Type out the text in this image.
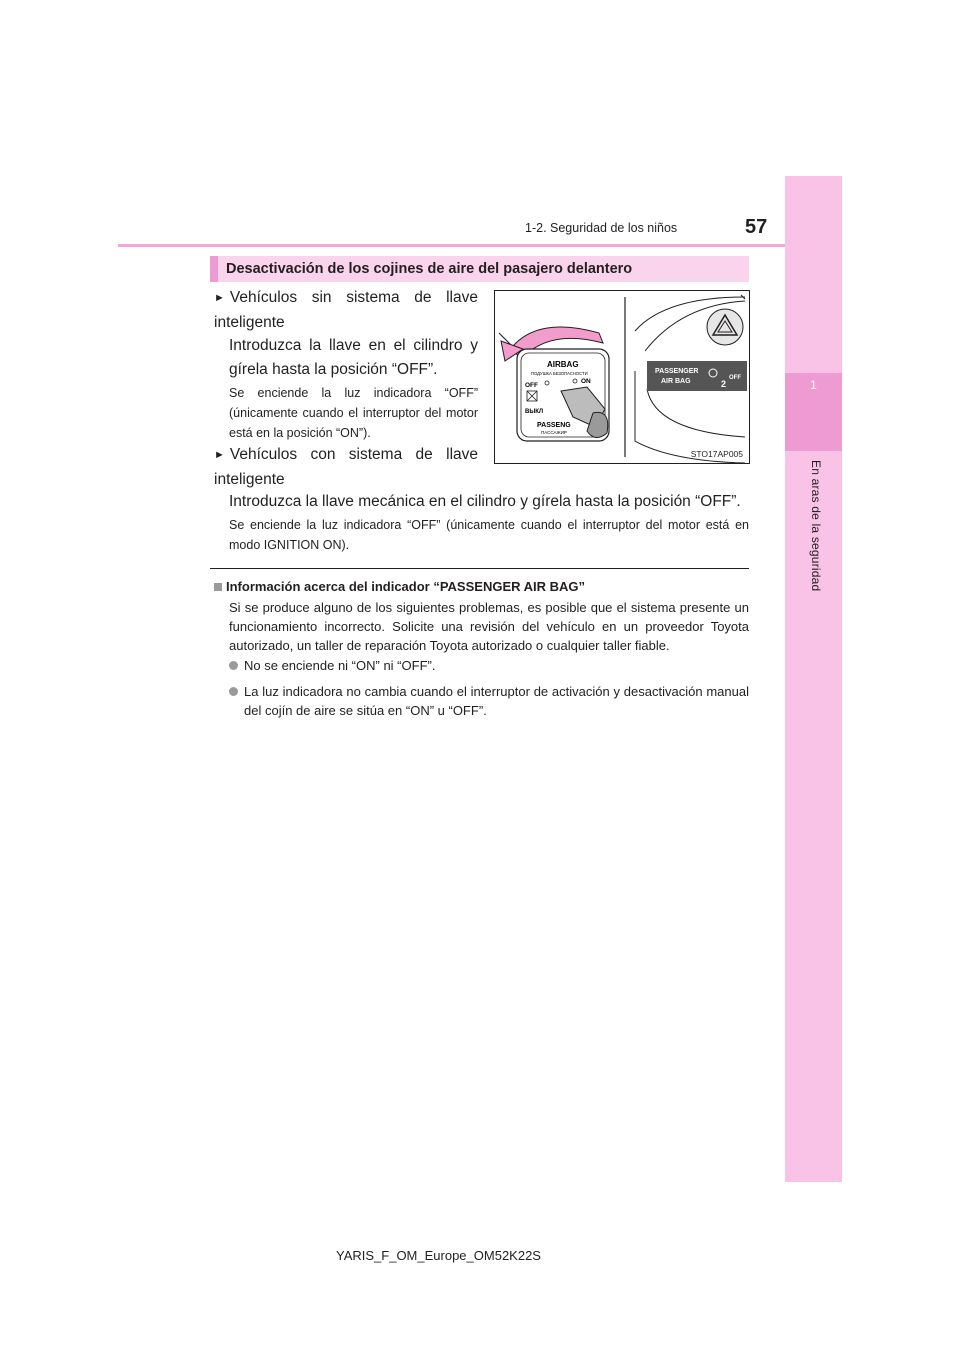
1
En aras de la seguridad
1-2. Seguridad de los niños	57
Desactivación de los cojines de aire del pasajero delantero
► Vehículos sin sistema de llave inteligente
Introduzca la llave en el cilindro y gírela hasta la posición “OFF”.
Se enciende la luz indicadora “OFF” (únicamente cuando el interruptor del motor está en la posición “ON”).
► Vehículos con sistema de llave inteligente
Introduzca la llave mecánica en el cilindro y gírela hasta la posición “OFF”.
Se enciende la luz indicadora “OFF” (únicamente cuando el interruptor del motor está en modo IGNITION ON).
AIRBAG
ПОДУШКА БЕЗОПАСНОСТИ
OFF
ON
ВЫКЛ
PASSENG
ПАССАЖИР
PASSENGER
AIR BAG	OFF
2
STO17AP005
Información acerca del indicador “PASSENGER AIR BAG”
Si se produce alguno de los siguientes problemas, es posible que el sistema presente un funcionamiento incorrecto. Solicite una revisión del vehículo en un proveedor Toyota autorizado, un taller de reparación Toyota autorizado o cualquier taller fiable.
No se enciende ni “ON” ni “OFF”.
La luz indicadora no cambia cuando el interruptor de activación y desactivación manual del cojín de aire se sitúa en “ON” u “OFF”.
YARIS_F_OM_Europe_OM52K22S
